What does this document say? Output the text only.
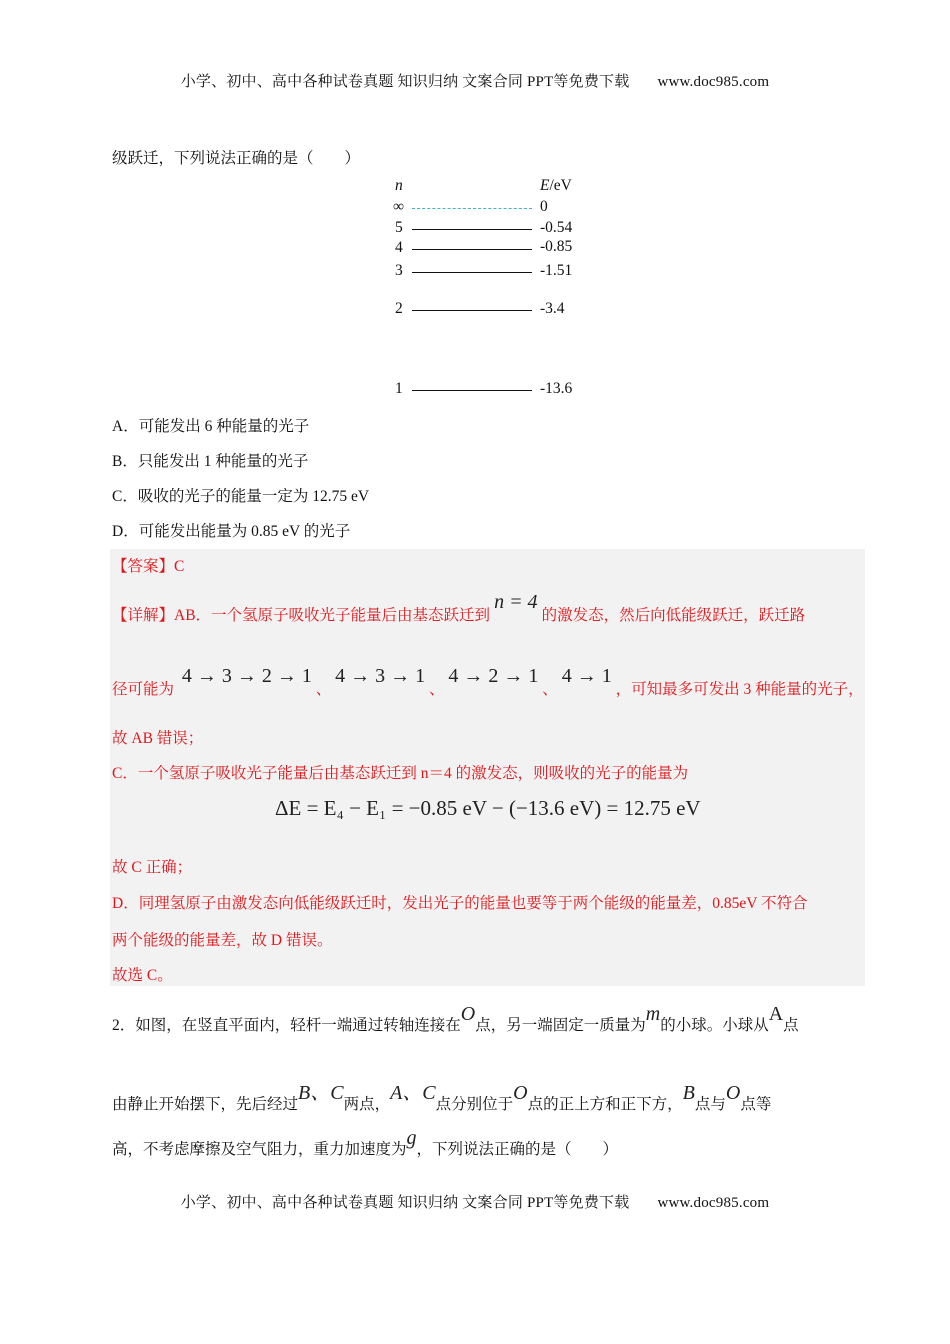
小学、初中、高中各种试卷真题 知识归纳 文案合同 PPT等免费下载 www.doc985.com
级跃迁，下列说法正确的是（　　）
n	E/eV
∞	0
5	-0.54
4	-0.85
3	-1.51
2	-3.4
1	-13.6
A．可能发出 6 种能量的光子
B．只能发出 1 种能量的光子
C．吸收的光子的能量一定为 12.75 eV
D．可能发出能量为 0.85 eV 的光子
【答案】C
【详解】AB．一个氢原子吸收光子能量后由基态跃迁到n = 4的激发态，然后向低能级跃迁，跃迁路
径可能为 4 → 3 → 2 → 1 、 4 → 3 → 1 、 4 → 2 → 1 、 4 → 1 ，可知最多可发出 3 种能量的光子，
故 AB 错误；
C．一个氢原子吸收光子能量后由基态跃迁到 n＝4 的激发态，则吸收的光子的能量为
ΔE = E₄ − E₁ = −0.85 eV − (−13.6 eV) = 12.75 eV
故 C 正确；
D．同理氢原子由激发态向低能级跃迁时，发出光子的能量也要等于两个能级的能量差，0.85eV 不符合
两个能级的能量差，故 D 错误。
故选 C。
2．如图，在竖直平面内，轻杆一端通过转轴连接在O点，另一端固定一质量为m的小球。小球从A点
由静止开始摆下，先后经过B、C两点，A、C点分别位于O点的正上方和正下方，B点与O点等
高，不考虑摩擦及空气阻力，重力加速度为g，下列说法正确的是（　　）
小学、初中、高中各种试卷真题 知识归纳 文案合同 PPT等免费下载 www.doc985.com
